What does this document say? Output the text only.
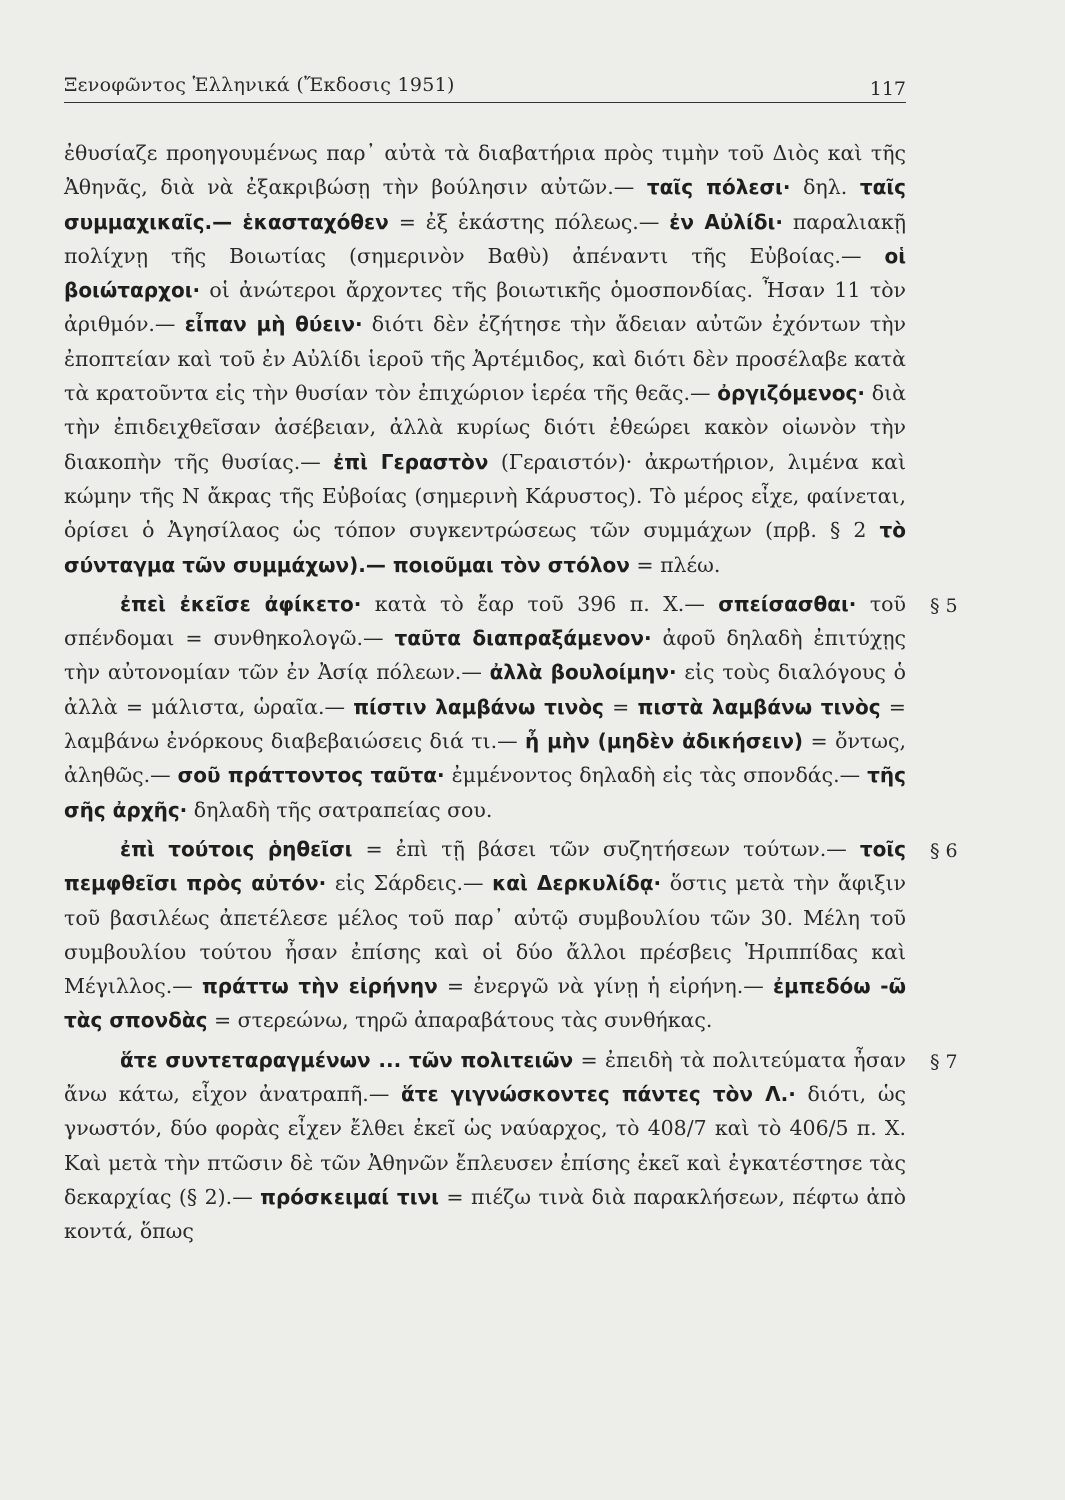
Ξενοφῶντος Ἑλληνικά (Ἔκδοσις 1951)	117
ἐθυσίαζε προηγουμένως παρ᾽ αὐτὰ τὰ διαβατήρια πρὸς τιμὴν τοῦ Διὸς καὶ τῆς Ἀθηνᾶς, διὰ νὰ ἐξακριβώσῃ τὴν βούλησιν αὐτῶν.— ταῖς πόλεσι· δηλ. ταῖς συμμαχικαῖς.— ἑκασταχόθεν = ἐξ ἑκάστης πόλεως.— ἐν Αὐλίδι· παραλιακῇ πολίχνῃ τῆς Βοιωτίας (σημερινὸν Βαθὺ) ἀπέναντι τῆς Εὐβοίας.— οἱ βοιώταρχοι· οἱ ἀνώτεροι ἄρχοντες τῆς βοιωτικῆς ὁμοσπονδίας. Ἦσαν 11 τὸν ἀριθμόν.— εἶπαν μὴ θύειν· διότι δὲν ἐζήτησε τὴν ἄδειαν αὐτῶν ἐχόντων τὴν ἐποπτείαν καὶ τοῦ ἐν Αὐλίδι ἱεροῦ τῆς Ἀρτέμιδος, καὶ διότι δὲν προσέλαβε κατὰ τὰ κρατοῦντα εἰς τὴν θυσίαν τὸν ἐπιχώριον ἱερέα τῆς θεᾶς.— ὀργιζόμενος· διὰ τὴν ἐπιδειχθεῖσαν ἀσέβειαν, ἀλλὰ κυρίως διότι ἐθεώρει κακὸν οἰωνὸν τὴν διακοπὴν τῆς θυσίας.— ἐπὶ Γεραστὸν (Γεραιστόν)· ἀκρωτήριον, λιμένα καὶ κώμην τῆς Ν ἄκρας τῆς Εὐβοίας (σημερινὴ Κάρυστος). Τὸ μέρος εἶχε, φαίνεται, ὁρίσει ὁ Ἀγησίλαος ὡς τόπον συγκεντρώσεως τῶν συμμάχων (πρβ. § 2 τὸ σύνταγμα τῶν συμμάχων).— ποιοῦμαι τὸν στόλον = πλέω.
§ 5
ἐπεὶ ἐκεῖσε ἀφίκετο· κατὰ τὸ ἔαρ τοῦ 396 π. Χ.— σπείσασθαι· τοῦ σπένδομαι = συνθηκολογῶ.— ταῦτα διαπραξάμενον· ἀφοῦ δηλαδὴ ἐπιτύχῃς τὴν αὐτονομίαν τῶν ἐν Ἀσίᾳ πόλεων.— ἀλλὰ βουλοίμην· εἰς τοὺς διαλόγους ὁ ἀλλὰ = μάλιστα, ὡραῖα.— πίστιν λαμβάνω τινὸς = πιστὰ λαμβάνω τινὸς = λαμβάνω ἐνόρκους διαβεβαιώσεις διά τι.— ἦ μὴν (μηδὲν ἀδικήσειν) = ὄντως, ἀληθῶς.— σοῦ πράττοντος ταῦτα· ἐμμένοντος δηλαδὴ εἰς τὰς σπονδάς.— τῆς σῆς ἀρχῆς· δηλαδὴ τῆς σατραπείας σου.
§ 6
ἐπὶ τούτοις ῥηθεῖσι = ἐπὶ τῇ βάσει τῶν συζητήσεων τούτων.— τοῖς πεμφθεῖσι πρὸς αὐτόν· εἰς Σάρδεις.— καὶ Δερκυλίδᾳ· ὅστις μετὰ τὴν ἄφιξιν τοῦ βασιλέως ἀπετέλεσε μέλος τοῦ παρ᾽ αὐτῷ συμβουλίου τῶν 30. Μέλη τοῦ συμβουλίου τούτου ἦσαν ἐπίσης καὶ οἱ δύο ἄλλοι πρέσβεις Ἡριππίδας καὶ Μέγιλλος.— πράττω τὴν εἰρήνην = ἐνεργῶ νὰ γίνῃ ἡ εἰρήνη.— ἐμπεδόω -ῶ τὰς σπονδὰς = στερεώνω, τηρῶ ἀπαραβάτους τὰς συνθήκας.
§ 7
ἅτε συντεταραγμένων ... τῶν πολιτειῶν = ἐπειδὴ τὰ πολιτεύματα ἦσαν ἄνω κάτω, εἶχον ἀνατραπῆ.— ἅτε γιγνώσκοντες πάντες τὸν Λ.· διότι, ὡς γνωστόν, δύο φορὰς εἶχεν ἔλθει ἐκεῖ ὡς ναύαρχος, τὸ 408/7 καὶ τὸ 406/5 π. Χ. Καὶ μετὰ τὴν πτῶσιν δὲ τῶν Ἀθηνῶν ἔπλευσεν ἐπίσης ἐκεῖ καὶ ἐγκατέστησε τὰς δεκαρχίας (§ 2).— πρόσκειμαί τινι = πιέζω τινὰ διὰ παρακλήσεων, πέφτω ἀπὸ κοντά, ὅπως
